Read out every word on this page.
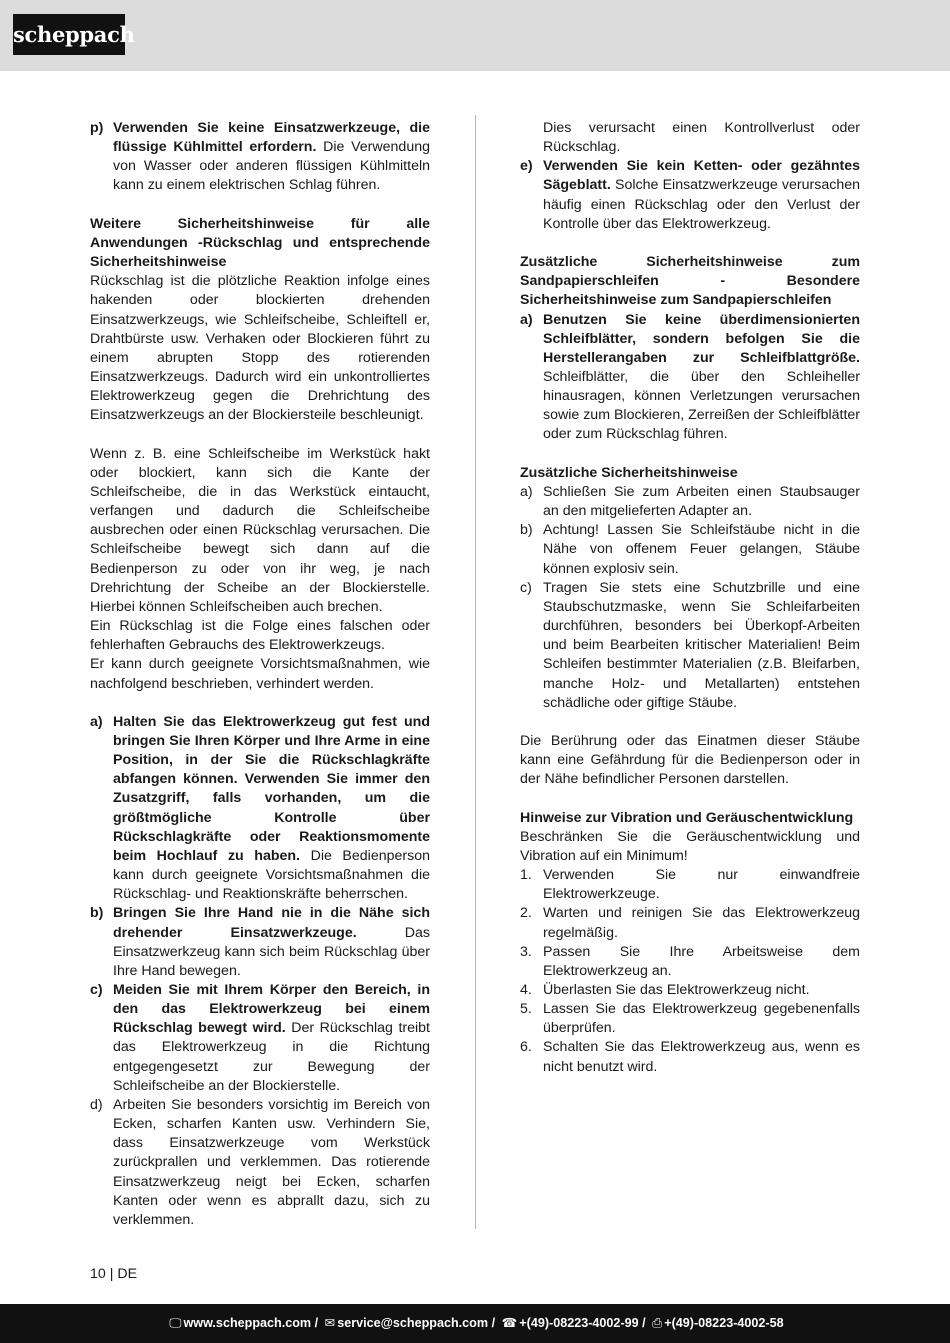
scheppach
p) Verwenden Sie keine Einsatzwerkzeuge, die flüssige Kühlmittel erfordern. Die Verwendung von Wasser oder anderen flüssigen Kühlmitteln kann zu einem elektrischen Schlag führen.
Weitere Sicherheitshinweise für alle Anwendungen -Rückschlag und entsprechende Sicherheitshinweise
Rückschlag ist die plötzliche Reaktion infolge eines hakenden oder blockierten drehenden Einsatzwerkzeugs, wie Schleifscheibe, Schleiftell er, Drahtbürste usw. Verhaken oder Blockieren führt zu einem abrupten Stopp des rotierenden Einsatzwerkzeugs. Dadurch wird ein unkontrolliertes Elektrowerkzeug gegen die Drehrichtung des Einsatzwerkzeugs an der Blockiersteile beschleunigt.
Wenn z. B. eine Schleifscheibe im Werkstück hakt oder blockiert, kann sich die Kante der Schleifscheibe, die in das Werkstück eintaucht, verfangen und dadurch die Schleifscheibe ausbrechen oder einen Rückschlag verursachen. Die Schleifscheibe bewegt sich dann auf die Bedienperson zu oder von ihr weg, je nach Drehrichtung der Scheibe an der Blockierstelle. Hierbei können Schleifscheiben auch brechen.
Ein Rückschlag ist die Folge eines falschen oder fehlerhaften Gebrauchs des Elektrowerkzeugs.
Er kann durch geeignete Vorsichtsmaßnahmen, wie nachfolgend beschrieben, verhindert werden.
a) Halten Sie das Elektrowerkzeug gut fest und bringen Sie Ihren Körper und Ihre Arme in eine Position, in der Sie die Rückschlagkräfte abfangen können. Verwenden Sie immer den Zusatzgriff, falls vorhanden, um die größtmögliche Kontrolle über Rückschlagkräfte oder Reaktionsmomente beim Hochlauf zu haben. Die Bedienperson kann durch geeignete Vorsichtsmaßnahmen die Rückschlag- und Reaktionskräfte beherrschen.
b) Bringen Sie Ihre Hand nie in die Nähe sich drehender Einsatzwerkzeuge. Das Einsatzwerkzeug kann sich beim Rückschlag über Ihre Hand bewegen.
c) Meiden Sie mit Ihrem Körper den Bereich, in den das Elektrowerkzeug bei einem Rückschlag bewegt wird. Der Rückschlag treibt das Elektrowerkzeug in die Richtung entgegengesetzt zur Bewegung der Schleifscheibe an der Blockierstelle.
d) Arbeiten Sie besonders vorsichtig im Bereich von Ecken, scharfen Kanten usw. Verhindern Sie, dass Einsatzwerkzeuge vom Werkstück zurückprallen und verklemmen. Das rotierende Einsatzwerkzeug neigt bei Ecken, scharfen Kanten oder wenn es abprallt dazu, sich zu verklemmen.
Dies verursacht einen Kontrollverlust oder Rückschlag.
e) Verwenden Sie kein Ketten- oder gezähntes Sägeblatt. Solche Einsatzwerkzeuge verursachen häufig einen Rückschlag oder den Verlust der Kontrolle über das Elektrowerkzeug.
Zusätzliche Sicherheitshinweise zum Sandpapierschleifen - Besondere Sicherheitshinweise zum Sandpapierschleifen
a) Benutzen Sie keine überdimensionierten Schleifblätter, sondern befolgen Sie die Herstellerangaben zur Schleifblattgröße. Schleifblätter, die über den Schleiheller hinausragen, können Verletzungen verursachen sowie zum Blockieren, Zerreißen der Schleifblätter oder zum Rückschlag führen.
Zusätzliche Sicherheitshinweise
a) Schließen Sie zum Arbeiten einen Staubsauger an den mitgelieferten Adapter an.
b) Achtung! Lassen Sie Schleifstäube nicht in die Nähe von offenem Feuer gelangen, Stäube können explosiv sein.
c) Tragen Sie stets eine Schutzbrille und eine Staubschutzmaske, wenn Sie Schleifarbeiten durchführen, besonders bei Überkopf-Arbeiten und beim Bearbeiten kritischer Materialien! Beim Schleifen bestimmter Materialien (z.B. Bleifarben, manche Holz- und Metallarten) entstehen schädliche oder giftige Stäube.
Die Berührung oder das Einatmen dieser Stäube kann eine Gefährdung für die Bedienperson oder in der Nähe befindlicher Personen darstellen.
Hinweise zur Vibration und Geräuschentwicklung
Beschränken Sie die Geräuschentwicklung und Vibration auf ein Minimum!
1. Verwenden Sie nur einwandfreie Elektrowerkzeuge.
2. Warten und reinigen Sie das Elektrowerkzeug regelmäßig.
3. Passen Sie Ihre Arbeitsweise dem Elektrowerkzeug an.
4. Überlasten Sie das Elektrowerkzeug nicht.
5. Lassen Sie das Elektrowerkzeug gegebenenfalls überprüfen.
6. Schalten Sie das Elektrowerkzeug aus, wenn es nicht benutzt wird.
10 | DE
🖵 www.scheppach.com / ✉ service@scheppach.com / ☎ +(49)-08223-4002-99 / ⎙ +(49)-08223-4002-58
